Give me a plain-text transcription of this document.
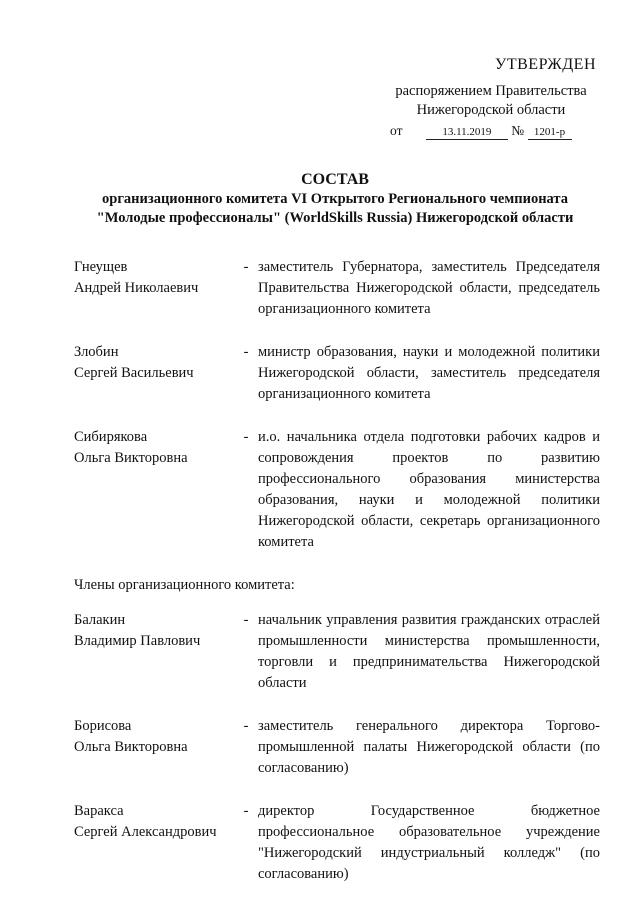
УТВЕРЖДЕН
распоряжением Правительства
Нижегородской области
от	13.11.2019 № 1201-р
СОСТАВ
организационного комитета VI Открытого Регионального чемпионата
"Молодые профессионалы" (WorldSkills Russia) Нижегородской области
Гнеущев
Андрей Николаевич
- заместитель Губернатора, заместитель Председателя Правительства Нижегородской области, председатель организационного комитета
Злобин
Сергей Васильевич
- министр образования, науки и молодежной политики Нижегородской области, заместитель председателя организационного комитета
Сибирякова
Ольга Викторовна
- и.о. начальника отдела подготовки рабочих кадров и сопровождения проектов по развитию профессионального образования министерства образования, науки и молодежной политики Нижегородской области, секретарь организационного комитета
Члены организационного комитета:
Балакин
Владимир Павлович
- начальник управления развития гражданских отраслей промышленности министерства промышленности, торговли и предпринимательства Нижегородской области
Борисова
Ольга Викторовна
- заместитель генерального директора Торгово-промышленной палаты Нижегородской области (по согласованию)
Варакса
Сергей Александрович
- директор Государственное бюджетное профессиональное образовательное учреждение "Нижегородский индустриальный колледж" (по согласованию)
